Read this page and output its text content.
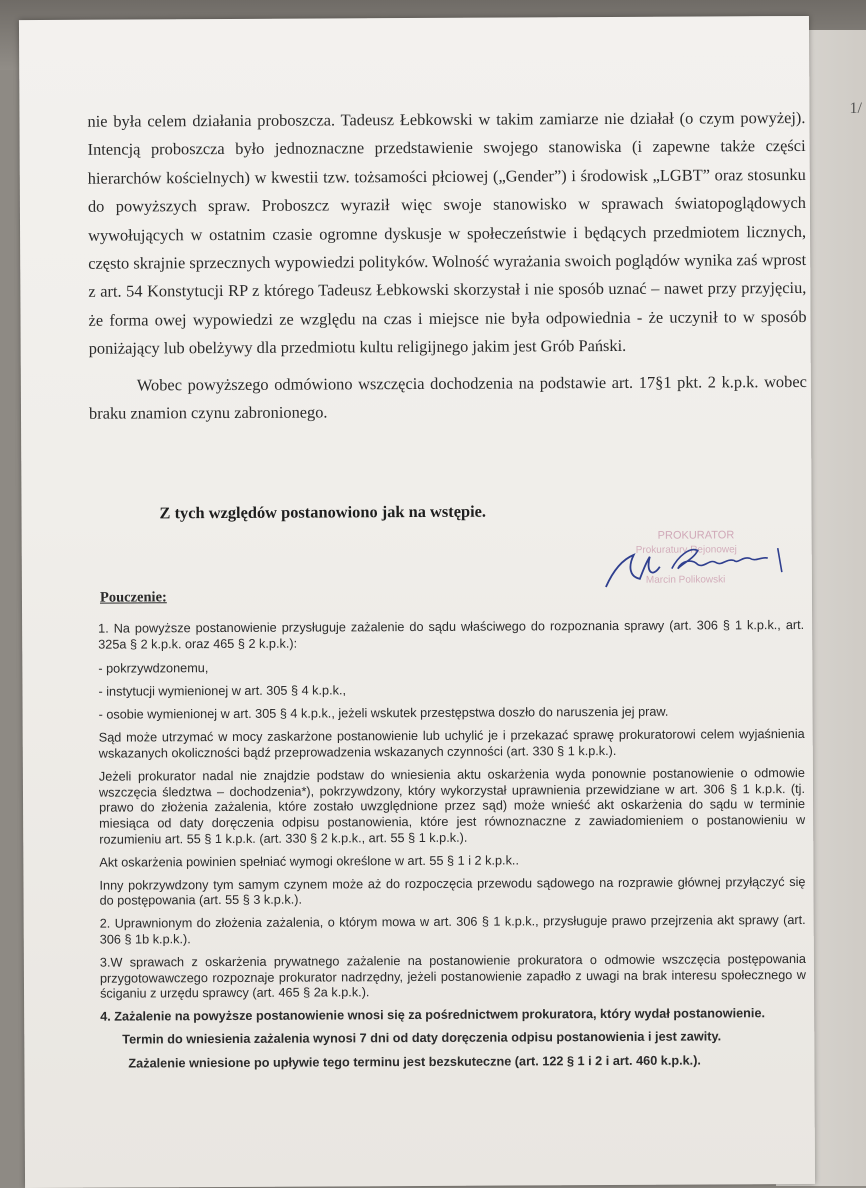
1/

nie była celem działania proboszcza. Tadeusz Łebkowski w takim zamiarze nie działał (o czym powyżej). Intencją proboszcza było jednoznaczne przedstawienie swojego stanowiska (i zapewne także części hierarchów kościelnych) w kwestii tzw. tożsamości płciowej („Gender”) i środowisk „LGBT” oraz stosunku do powyższych spraw. Proboszcz wyraził więc swoje stanowisko w sprawach światopoglądowych wywołujących w ostatnim czasie ogromne dyskusje w społeczeństwie i będących przedmiotem licznych, często skrajnie sprzecznych wypowiedzi polityków. Wolność wyrażania swoich poglądów wynika zaś wprost z art. 54 Konstytucji RP z którego Tadeusz Łebkowski skorzystał i nie sposób uznać – nawet przy przyjęciu, że forma owej wypowiedzi ze względu na czas i miejsce nie była odpowiednia - że uczynił to w sposób poniżający lub obelżywy dla przedmiotu kultu religijnego jakim jest Grób Pański.

Wobec powyższego odmówiono wszczęcia dochodzenia na podstawie art. 17§1 pkt. 2 k.p.k. wobec braku znamion czynu zabronionego.

Z tych względów postanowiono jak na wstępie.
PROKURATOR
Prokuratury Rejonowej
Marcin Polikowski
Pouczenie:

1. Na powyższe postanowienie przysługuje zażalenie do sądu właściwego do rozpoznania sprawy (art. 306 § 1 k.p.k., art. 325a § 2 k.p.k. oraz 465 § 2 k.p.k.):

- pokrzywdzonemu,

- instytucji wymienionej w art. 305 § 4 k.p.k.,

- osobie wymienionej w art. 305 § 4 k.p.k., jeżeli wskutek przestępstwa doszło do naruszenia jej praw.

Sąd może utrzymać w mocy zaskarżone postanowienie lub uchylić je i przekazać sprawę prokuratorowi celem wyjaśnienia wskazanych okoliczności bądź przeprowadzenia wskazanych czynności (art. 330 § 1 k.p.k.).

Jeżeli prokurator nadal nie znajdzie podstaw do wniesienia aktu oskarżenia wyda ponownie postanowienie o odmowie wszczęcia śledztwa – dochodzenia*), pokrzywdzony, który wykorzystał uprawnienia przewidziane w art. 306 § 1 k.p.k. (tj. prawo do złożenia zażalenia, które zostało uwzględnione przez sąd) może wnieść akt oskarżenia do sądu w terminie miesiąca od daty doręczenia odpisu postanowienia, które jest równoznaczne z zawiadomieniem o postanowieniu w rozumieniu art. 55 § 1 k.p.k. (art. 330 § 2 k.p.k., art. 55 § 1 k.p.k.).

Akt oskarżenia powinien spełniać wymogi określone w art. 55 § 1 i 2 k.p.k..

Inny pokrzywdzony tym samym czynem może aż do rozpoczęcia przewodu sądowego na rozprawie głównej przyłączyć się do postępowania (art. 55 § 3 k.p.k.).

2. Uprawnionym do złożenia zażalenia, o którym mowa w art. 306 § 1 k.p.k., przysługuje prawo przejrzenia akt sprawy (art. 306 § 1b k.p.k.).

3.W sprawach z oskarżenia prywatnego zażalenie na postanowienie prokuratora o odmowie wszczęcia postępowania przygotowawczego rozpoznaje prokurator nadrzędny, jeżeli postanowienie zapadło z uwagi na brak interesu społecznego w ściganiu z urzędu sprawcy (art. 465 § 2a k.p.k.).

4. Zażalenie na powyższe postanowienie wnosi się za pośrednictwem prokuratora, który wydał postanowienie.

Termin do wniesienia zażalenia wynosi 7 dni od daty doręczenia odpisu postanowienia i jest zawity.

Zażalenie wniesione po upływie tego terminu jest bezskuteczne (art. 122 § 1 i 2 i art. 460 k.p.k.).
